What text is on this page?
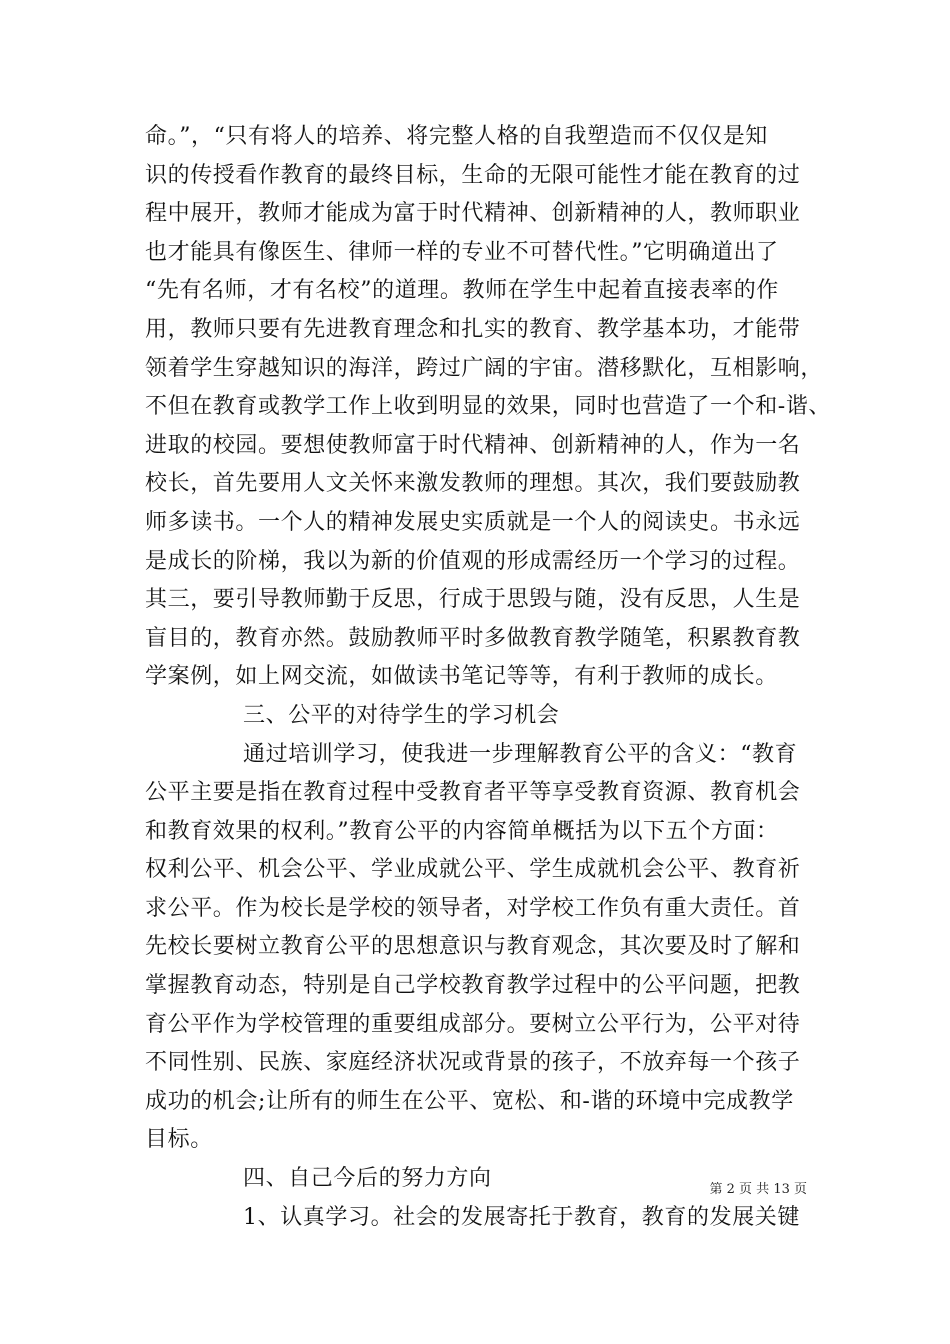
命。”，“只有将人的培养、将完整人格的自我塑造而不仅仅是知
识的传授看作教育的最终目标，生命的无限可能性才能在教育的过
程中展开，教师才能成为富于时代精神、创新精神的人，教师职业
也才能具有像医生、律师一样的专业不可替代性。”它明确道出了
“先有名师，才有名校”的道理。教师在学生中起着直接表率的作
用，教师只要有先进教育理念和扎实的教育、教学基本功，才能带
领着学生穿越知识的海洋，跨过广阔的宇宙。潜移默化，互相影响，
不但在教育或教学工作上收到明显的效果，同时也营造了一个和-谐、
进取的校园。要想使教师富于时代精神、创新精神的人，作为一名
校长，首先要用人文关怀来激发教师的理想。其次，我们要鼓励教
师多读书。一个人的精神发展史实质就是一个人的阅读史。书永远
是成长的阶梯，我以为新的价值观的形成需经历一个学习的过程。
其三，要引导教师勤于反思，行成于思毁与随，没有反思，人生是
盲目的，教育亦然。鼓励教师平时多做教育教学随笔，积累教育教
学案例，如上网交流，如做读书笔记等等，有利于教师的成长。
三、公平的对待学生的学习机会
通过培训学习，使我进一步理解教育公平的含义：“教育
公平主要是指在教育过程中受教育者平等享受教育资源、教育机会
和教育效果的权利。”教育公平的内容简单概括为以下五个方面：
权利公平、机会公平、学业成就公平、学生成就机会公平、教育祈
求公平。作为校长是学校的领导者，对学校工作负有重大责任。首
先校长要树立教育公平的思想意识与教育观念，其次要及时了解和
掌握教育动态，特别是自己学校教育教学过程中的公平问题，把教
育公平作为学校管理的重要组成部分。要树立公平行为，公平对待
不同性别、民族、家庭经济状况或背景的孩子，不放弃每一个孩子
成功的机会;让所有的师生在公平、宽松、和-谐的环境中完成教学
目标。
四、自己今后的努力方向
1、认真学习。社会的发展寄托于教育，教育的发展关键
第 2 页 共 13 页
